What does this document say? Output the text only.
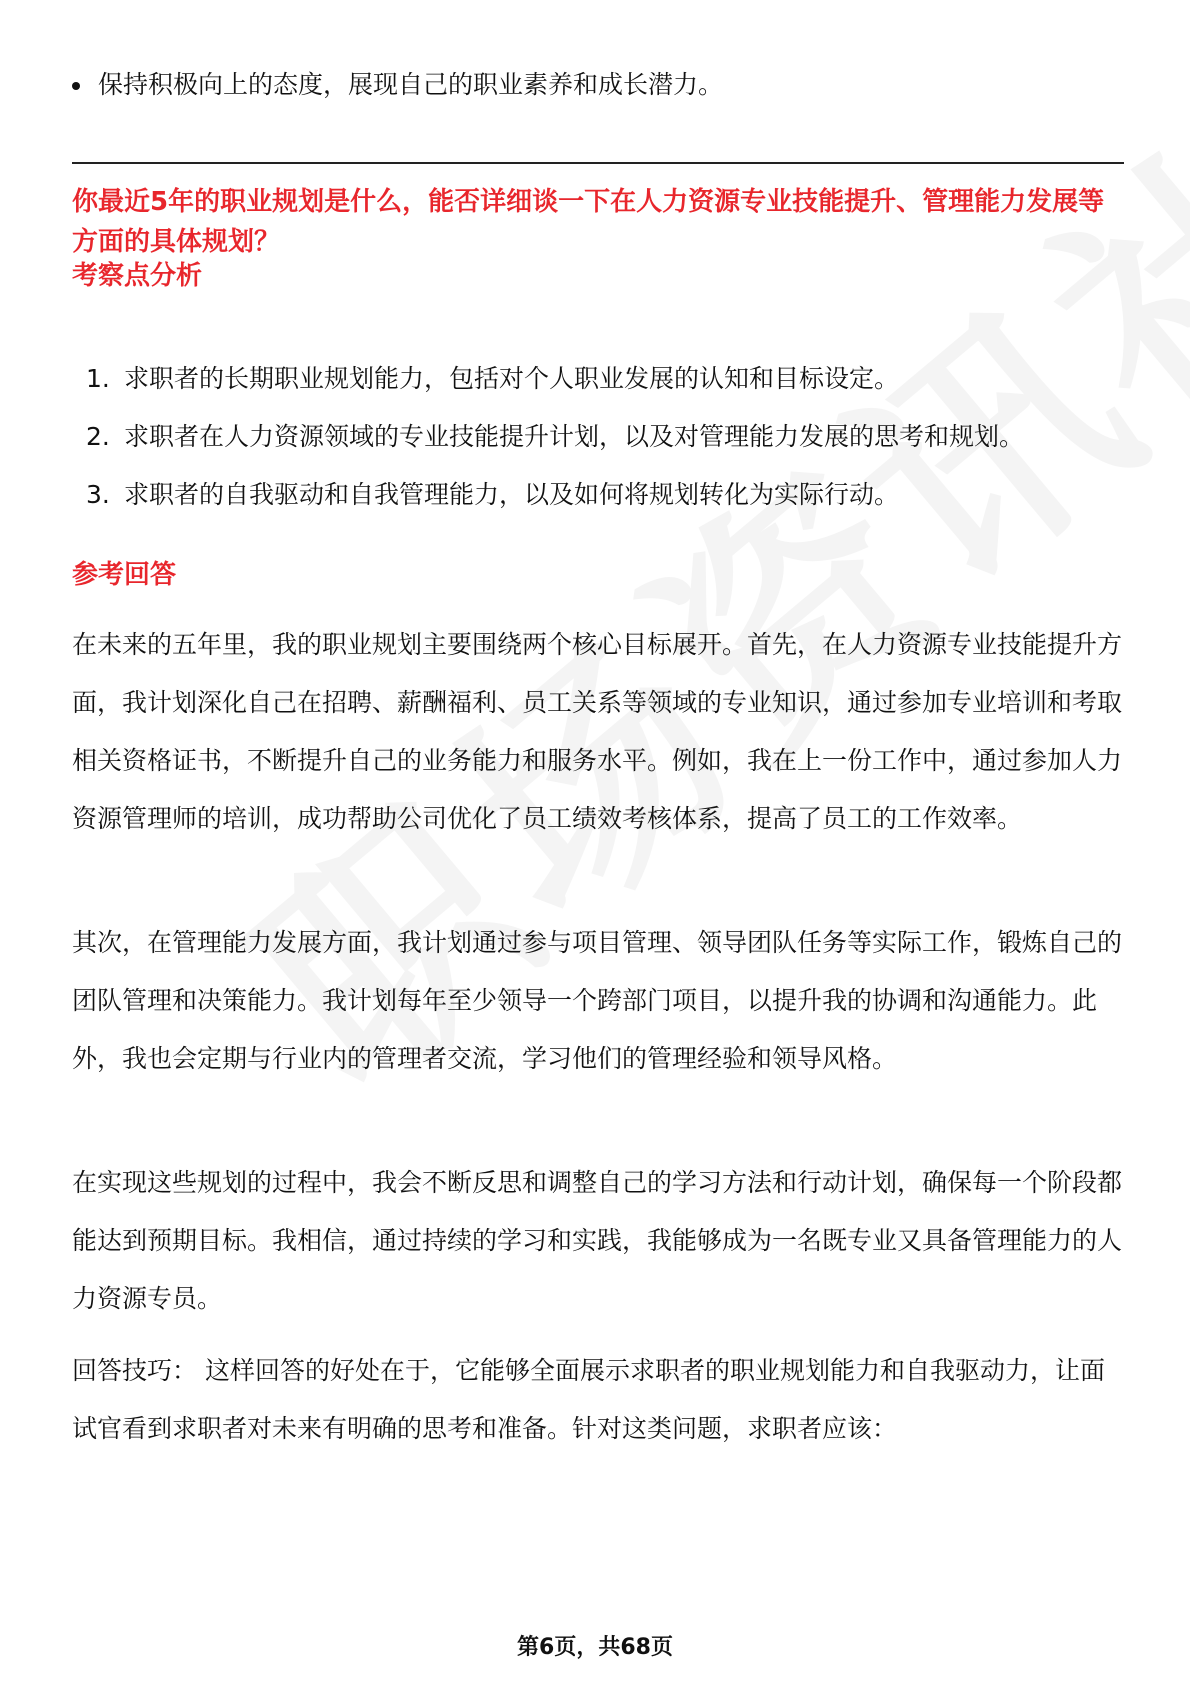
保持积极向上的态度，展现自己的职业素养和成长潜力。
你最近5年的职业规划是什么，能否详细谈一下在人力资源专业技能提升、管理能力发展等方面的具体规划？
考察点分析
1. 求职者的长期职业规划能力，包括对个人职业发展的认知和目标设定。
2. 求职者在人力资源领域的专业技能提升计划，以及对管理能力发展的思考和规划。
3. 求职者的自我驱动和自我管理能力，以及如何将规划转化为实际行动。
参考回答
在未来的五年里，我的职业规划主要围绕两个核心目标展开。首先，在人力资源专业技能提升方面，我计划深化自己在招聘、薪酬福利、员工关系等领域的专业知识，通过参加专业培训和考取相关资格证书，不断提升自己的业务能力和服务水平。例如，我在上一份工作中，通过参加人力资源管理师的培训，成功帮助公司优化了员工绩效考核体系，提高了员工的工作效率。
其次，在管理能力发展方面，我计划通过参与项目管理、领导团队任务等实际工作，锻炼自己的团队管理和决策能力。我计划每年至少领导一个跨部门项目，以提升我的协调和沟通能力。此外，我也会定期与行业内的管理者交流，学习他们的管理经验和领导风格。
在实现这些规划的过程中，我会不断反思和调整自己的学习方法和行动计划，确保每一个阶段都能达到预期目标。我相信，通过持续的学习和实践，我能够成为一名既专业又具备管理能力的人力资源专员。
回答技巧： 这样回答的好处在于，它能够全面展示求职者的职业规划能力和自我驱动力，让面试官看到求职者对未来有明确的思考和准备。针对这类问题，求职者应该：
第6页，共68页
